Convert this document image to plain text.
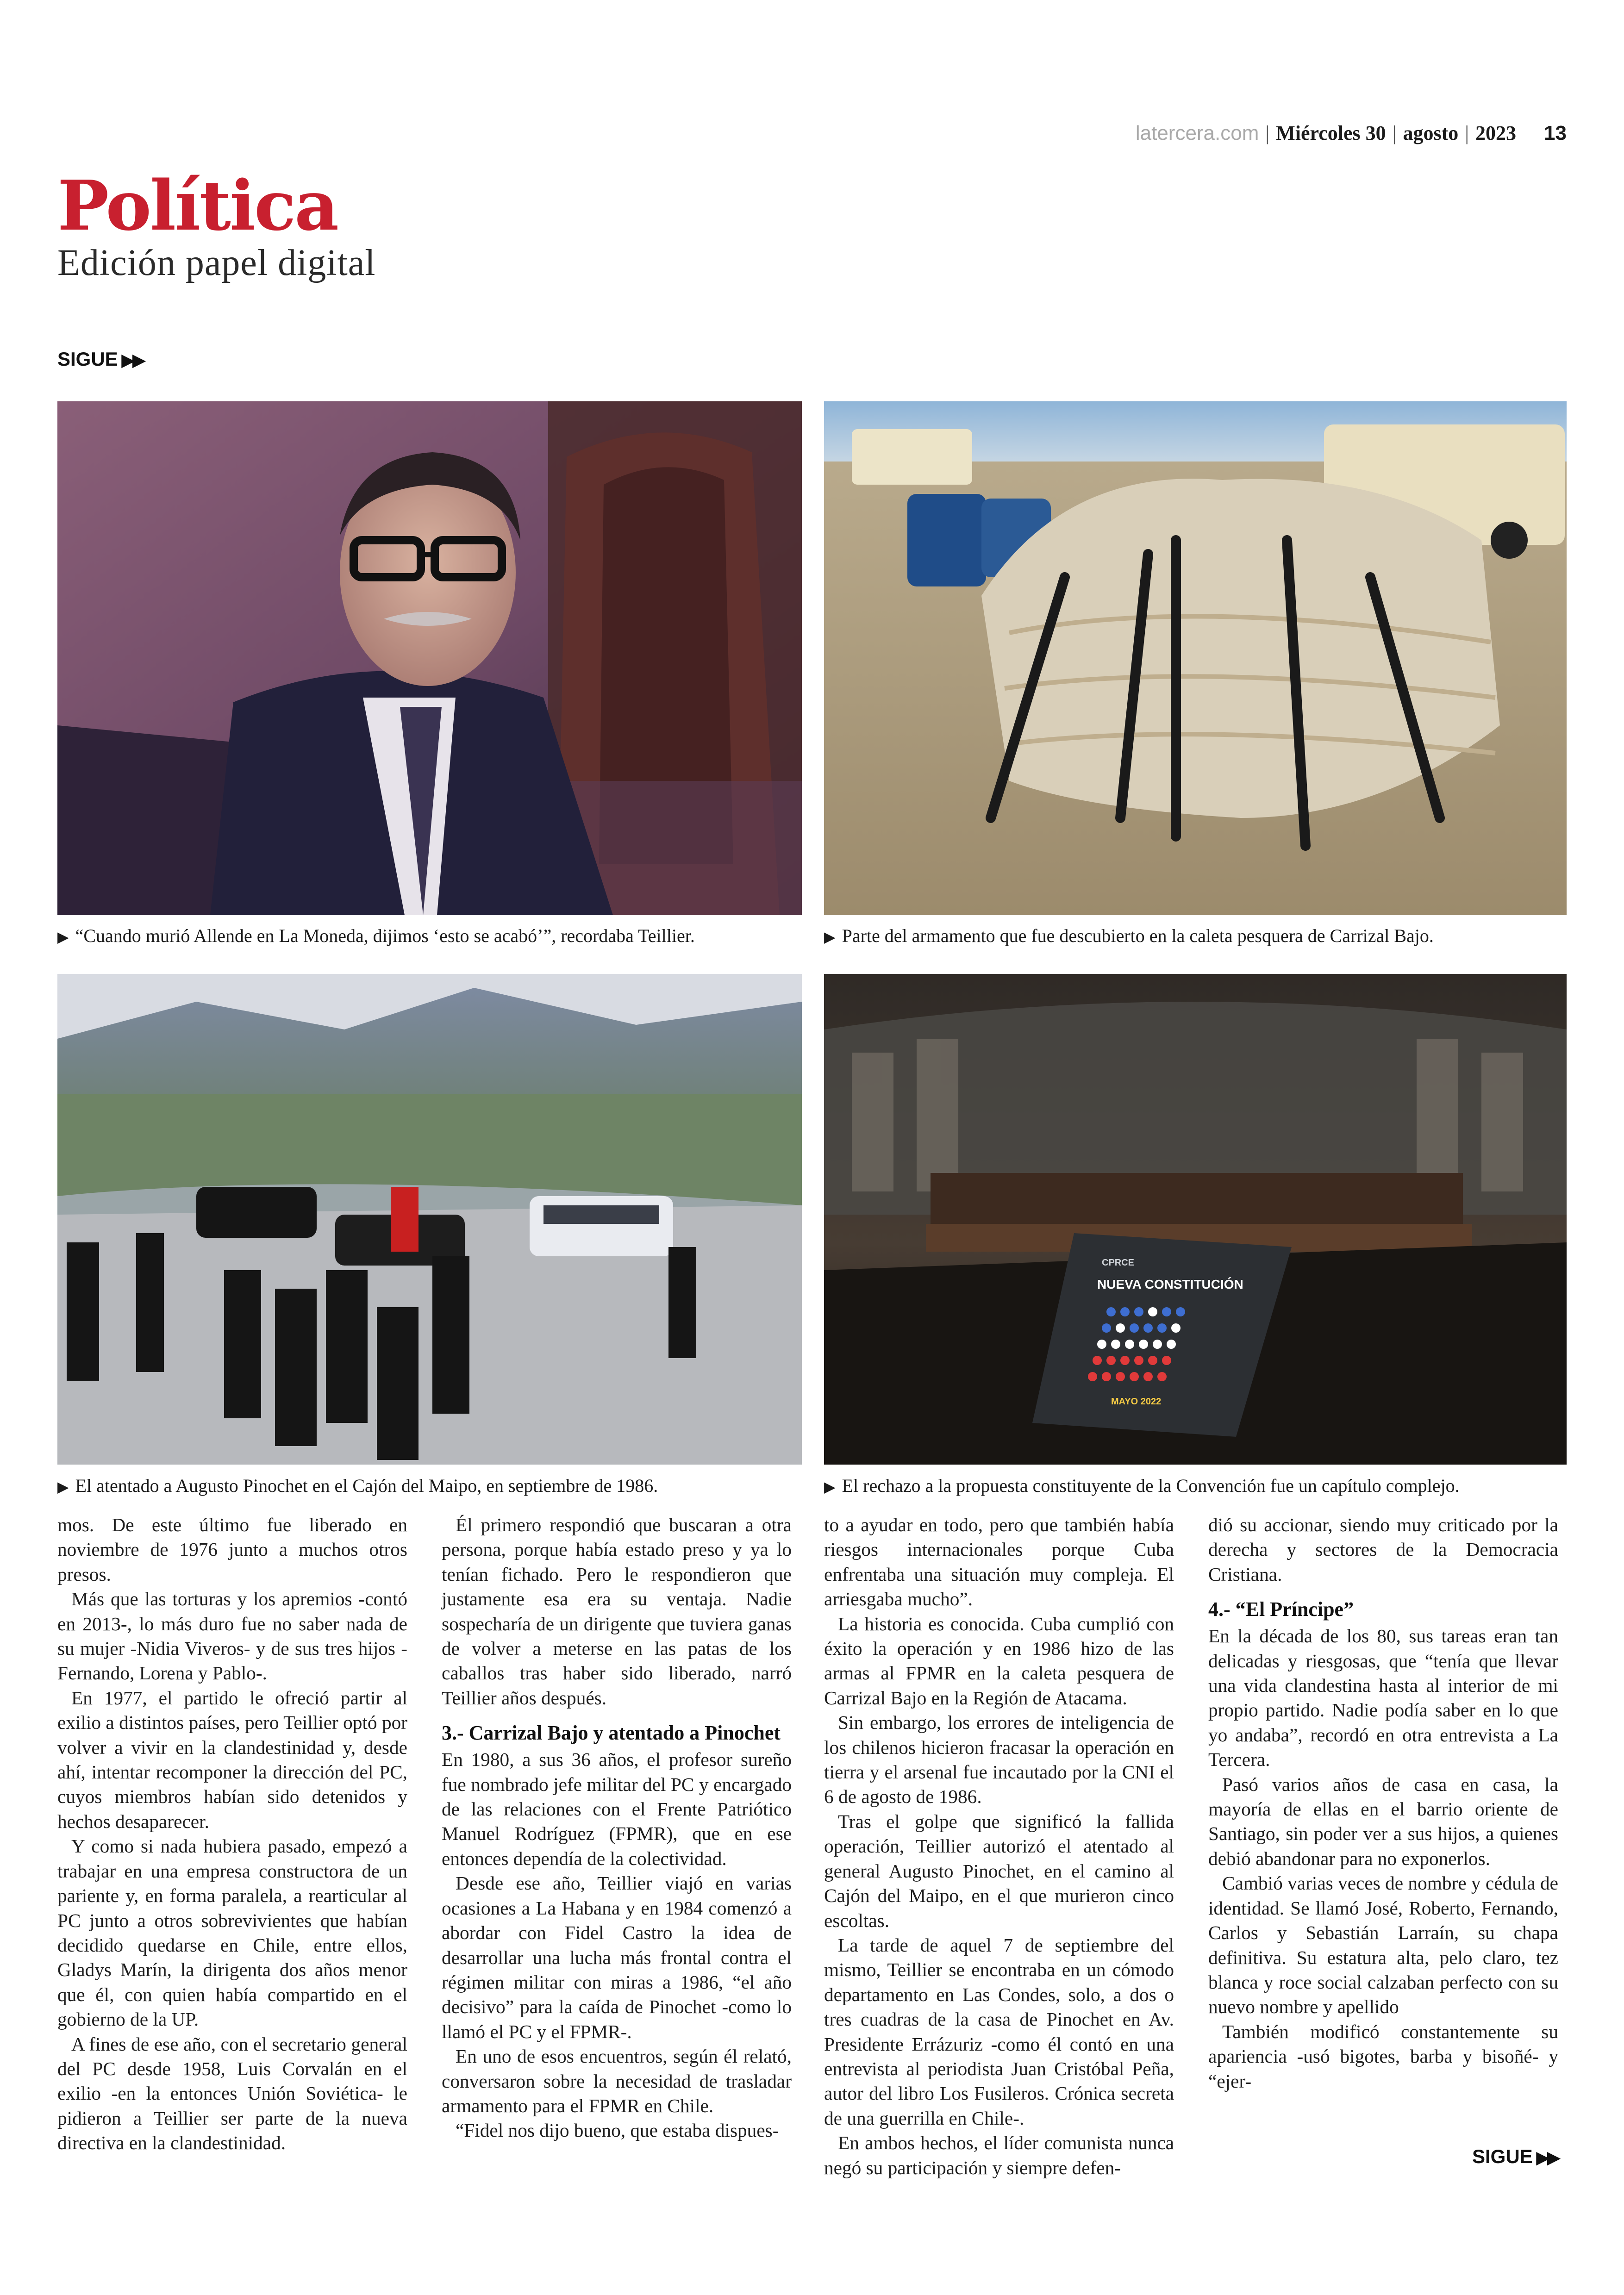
latercera.com | Miércoles 30 | agosto | 2023 13
Política
Edición papel digital
SIGUE ▶▶
▶ “Cuando murió Allende en La Moneda, dijimos ‘esto se acabó’”, recordaba Teillier.	▶ Parte del armamento que fue descubierto en la caleta pesquera de Carrizal Bajo.
▶ El atentado a Augusto Pinochet en el Cajón del Maipo, en septiembre de 1986.
CPRCE
NUEVA CONSTITUCIÓN
MAYO 2022
▶ El rechazo a la propuesta constituyente de la Convención fue un capítulo complejo.

mos. De este último fue liberado en noviembre de 1976 junto a muchos otros presos.

Más que las torturas y los apremios -contó en 2013-, lo más duro fue no saber nada de su mujer -Nidia Viveros- y de sus tres hijos -Fernando, Lorena y Pablo-.

En 1977, el partido le ofreció partir al exilio a distintos países, pero Teillier optó por volver a vivir en la clandestinidad y, desde ahí, intentar recomponer la dirección del PC, cuyos miembros habían sido detenidos y hechos desaparecer.

Y como si nada hubiera pasado, empezó a trabajar en una empresa constructora de un pariente y, en forma paralela, a rearticular al PC junto a otros sobrevivientes que habían decidido quedarse en Chile, entre ellos, Gladys Marín, la dirigenta dos años menor que él, con quien había compartido en el gobierno de la UP.

A fines de ese año, con el secretario general del PC desde 1958, Luis Corvalán en el exilio -en la entonces Unión Soviética- le pidieron a Teillier ser parte de la nueva directiva en la clandestinidad.

Él primero respondió que buscaran a otra persona, porque había estado preso y ya lo tenían fichado. Pero le respondieron que justamente esa era su ventaja. Nadie sospecharía de un dirigente que tuviera ganas de volver a meterse en las patas de los caballos tras haber sido liberado, narró Teillier años después.

3.- Carrizal Bajo y atentado a Pinochet

En 1980, a sus 36 años, el profesor sureño fue nombrado jefe militar del PC y encargado de las relaciones con el Frente Patriótico Manuel Rodríguez (FPMR), que en ese entonces dependía de la colectividad.

Desde ese año, Teillier viajó en varias ocasiones a La Habana y en 1984 comenzó a abordar con Fidel Castro la idea de desarrollar una lucha más frontal contra el régimen militar con miras a 1986, “el año decisivo” para la caída de Pinochet -como lo llamó el PC y el FPMR-.

En uno de esos encuentros, según él relató, conversaron sobre la necesidad de trasladar armamento para el FPMR en Chile.

“Fidel nos dijo bueno, que estaba dispues-

to a ayudar en todo, pero que también había riesgos internacionales porque Cuba enfrentaba una situación muy compleja. El arriesgaba mucho”.

La historia es conocida. Cuba cumplió con éxito la operación y en 1986 hizo de las armas al FPMR en la caleta pesquera de Carrizal Bajo en la Región de Atacama.

Sin embargo, los errores de inteligencia de los chilenos hicieron fracasar la operación en tierra y el arsenal fue incautado por la CNI el 6 de agosto de 1986.

Tras el golpe que significó la fallida operación, Teillier autorizó el atentado al general Augusto Pinochet, en el camino al Cajón del Maipo, en el que murieron cinco escoltas.

La tarde de aquel 7 de septiembre del mismo, Teillier se encontraba en un cómodo departamento en Las Condes, solo, a dos o tres cuadras de la casa de Pinochet en Av. Presidente Errázuriz -como él contó en una entrevista al periodista Juan Cristóbal Peña, autor del libro Los Fusileros. Crónica secreta de una guerrilla en Chile-.

En ambos hechos, el líder comunista nunca negó su participación y siempre defen-

dió su accionar, siendo muy criticado por la derecha y sectores de la Democracia Cristiana.

4.- “El Príncipe”

En la década de los 80, sus tareas eran tan delicadas y riesgosas, que “tenía que llevar una vida clandestina hasta al interior de mi propio partido. Nadie podía saber en lo que yo andaba”, recordó en otra entrevista a La Tercera.

Pasó varios años de casa en casa, la mayoría de ellas en el barrio oriente de Santiago, sin poder ver a sus hijos, a quienes debió abandonar para no exponerlos.

Cambió varias veces de nombre y cédula de identidad. Se llamó José, Roberto, Fernando, Carlos y Sebastián Larraín, su chapa definitiva. Su estatura alta, pelo claro, tez blanca y roce social calzaban perfecto con su nuevo nombre y apellido

También modificó constantemente su apariencia -usó bigotes, barba y bisoñé- y “ejer-

SIGUE ▶▶
